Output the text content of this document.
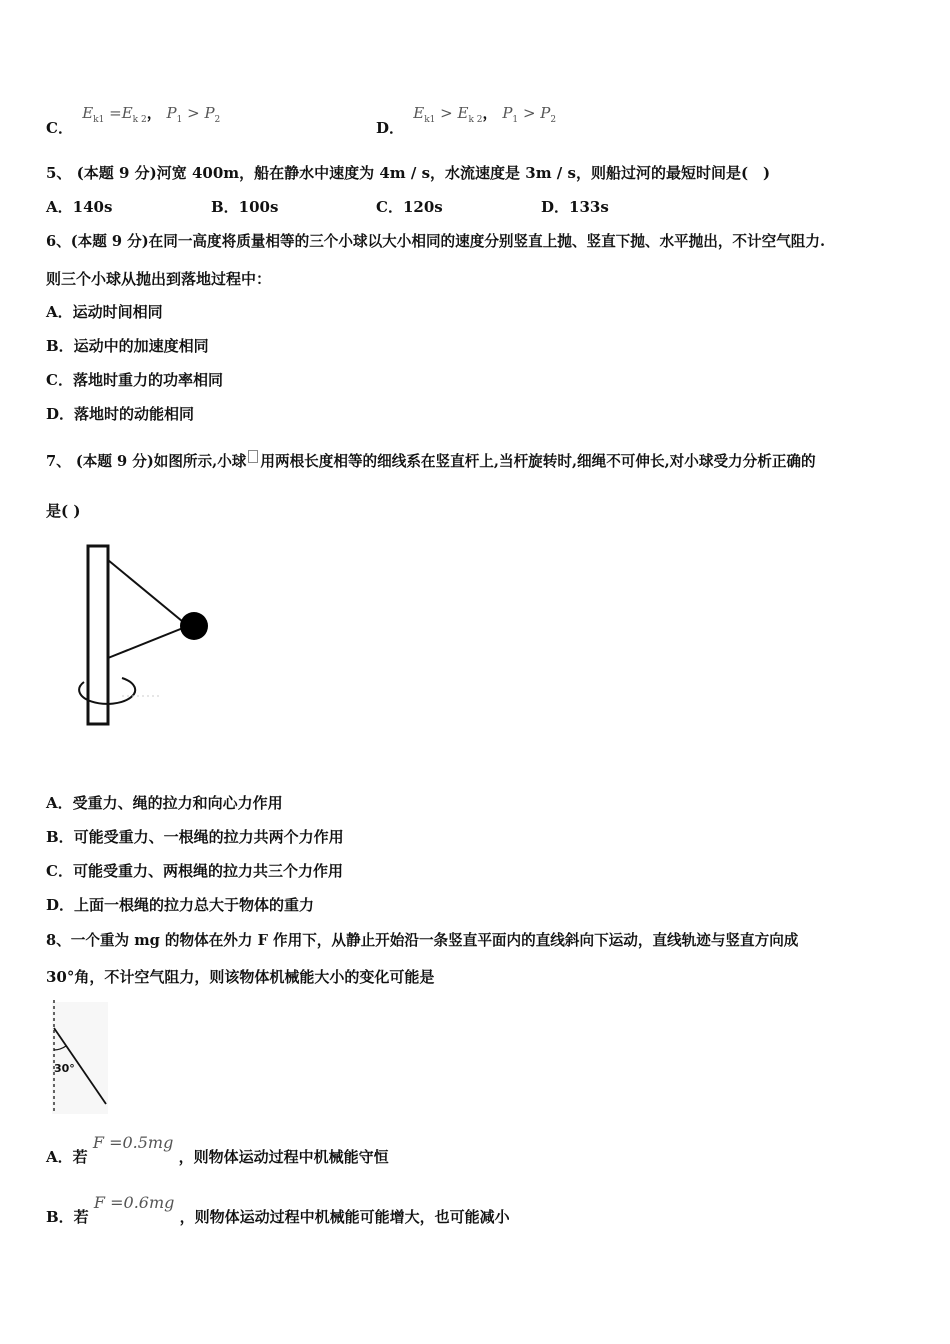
C． $E_{k1} =E_{k 2}$， $P_1 > P_2$	D． $E_{k1} > E_{k 2}$， $P_1 > P_2$
5、 (本题 9 分)河宽 400m，船在静水中速度为 4m / s，水流速度是 3m / s，则船过河的最短时间是(　)
A．140s	B．100s	C．120s	D．133s
6、(本题 9 分)在同一高度将质量相等的三个小球以大小相同的速度分别竖直上抛、竖直下抛、水平抛出，不计空气阻力.
则三个小球从抛出到落地过程中：
A．运动时间相同
B．运动中的加速度相同
C．落地时重力的功率相同
D．落地时的动能相同
7、 (本题 9 分)如图所示,小球 用两根长度相等的细线系在竖直杆上,当杆旋转时,细绳不可伸长,对小球受力分析正确的
是( )
A．受重力、绳的拉力和向心力作用
B．可能受重力、一根绳的拉力共两个力作用
C．可能受重力、两根绳的拉力共三个力作用
D．上面一根绳的拉力总大于物体的重力
8、一个重为 mg 的物体在外力 F 作用下，从静止开始沿一条竖直平面内的直线斜向下运动，直线轨迹与竖直方向成
30°角，不计空气阻力，则该物体机械能大小的变化可能是
30°
A．若 F =0.5mg ，则物体运动过程中机械能守恒
B．若 F =0.6mg ，则物体运动过程中机械能可能增大，也可能减小
